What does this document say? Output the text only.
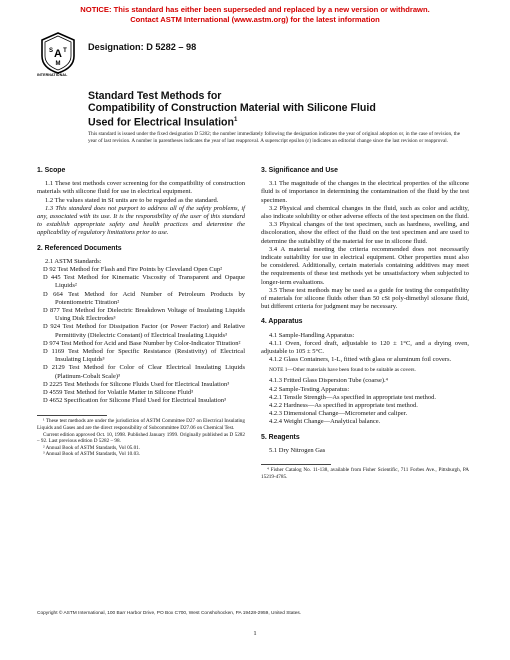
NOTICE: This standard has either been superseded and replaced by a new version or withdrawn.
Contact ASTM International (www.astm.org) for the latest information
A
S T
M
INTERNATIONAL
Designation: D 5282 – 98
Standard Test Methods for
Compatibility of Construction Material with Silicone Fluid
Used for Electrical Insulation$^1$
This standard is issued under the fixed designation D 5282; the number immediately following the designation indicates the year of original adoption or, in the case of revision, the year of last revision. A number in parentheses indicates the year of last reapproval. A superscript epsilon (ε) indicates an editorial change since the last revision or reapproval.
1. Scope

1.1 These test methods cover screening for the compatibility of construction materials with silicone fluid for use in electrical equipment.

1.2 The values stated in SI units are to be regarded as the standard.

1.3 This standard does not purport to address all of the safety problems, if any, associated with its use. It is the responsibility of the user of this standard to establish appropriate safety and health practices and determine the applicability of regulatory limitations prior to use.

2. Referenced Documents

2.1 ASTM Standards:

D 92 Test Method for Flash and Fire Points by Cleveland Open Cup²

D 445 Test Method for Kinematic Viscosity of Transparent and Opaque Liquids²

D 664 Test Method for Acid Number of Petroleum Products by Potentiometric Titration²

D 877 Test Method for Dielectric Breakdown Voltage of Insulating Liquids Using Disk Electrodes³

D 924 Test Method for Dissipation Factor (or Power Factor) and Relative Permittivity (Dielectric Constant) of Electrical Insulating Liquids³

D 974 Test Method for Acid and Base Number by Color-Indicator Titration²

D 1169 Test Method for Specific Resistance (Resistivity) of Electrical Insulating Liquids³

D 2129 Test Method for Color of Clear Electrical Insulating Liquids (Platinum-Cobalt Scale)³

D 2225 Test Methods for Silicone Fluids Used for Electrical Insulation³

D 4559 Test Method for Volatile Matter in Silicone Fluid³

D 4652 Specification for Silicone Fluid Used for Electrical Insulation³

¹ These test methods are under the jurisdiction of ASTM Committee D27 on Electrical Insulating Liquids and Gases and are the direct responsibility of Subcommittee D27.06 on Chemical Test.

Current edition approved Oct. 10, 1998. Published January 1999. Originally published as D 5282 – 92. Last previous edition D 5282 – 98.

² Annual Book of ASTM Standards, Vol 05.01.

³ Annual Book of ASTM Standards, Vol 10.03.

3. Significance and Use

3.1 The magnitude of the changes in the electrical properties of the silicone fluid is of importance in determining the contamination of the fluid by the test specimen.

3.2 Physical and chemical changes in the fluid, such as color and acidity, also indicate solubility or other adverse effects of the test specimen on the fluid.

3.3 Physical changes of the test specimen, such as hardness, swelling, and discoloration, show the effect of the fluid on the test specimen and are used to determine the suitability of the material for use in silicone fluid.

3.4 A material meeting the criteria recommended does not necessarily indicate suitability for use in electrical equipment. Other properties must also be considered. Additionally, certain materials containing additives may meet the requirements of these test methods yet be unsatisfactory when subjected to longer-term evaluations.

3.5 These test methods may be used as a guide for testing the compatibility of materials for silicone fluids other than 50 cSt poly-dimethyl siloxane fluid, but different criteria for judgment may be necessary.

4. Apparatus

4.1 Sample-Handling Apparatus:

4.1.1 Oven, forced draft, adjustable to 120 ± 1°C, and a drying oven, adjustable to 105 ± 5°C.

4.1.2 Glass Containers, 1-L, fitted with glass or aluminum foil covers.

NOTE 1—Other materials have been found to be suitable as covers.

4.1.3 Fritted Glass Dispersion Tube (coarse).⁴

4.2 Sample-Testing Apparatus:

4.2.1 Tensile Strength—As specified in appropriate test method.

4.2.2 Hardness—As specified in appropriate test method.

4.2.3 Dimensional Change—Micrometer and caliper.

4.2.4 Weight Change—Analytical balance.

5. Reagents

5.1 Dry Nitrogen Gas

⁴ Fisher Catalog No. 11-138, available from Fisher Scientific, 711 Forbes Ave., Pittsburgh, PA 15219-4785.

Copyright © ASTM International, 100 Barr Harbor Drive, PO Box C700, West Conshohocken, PA 19428-2959, United States.
1
